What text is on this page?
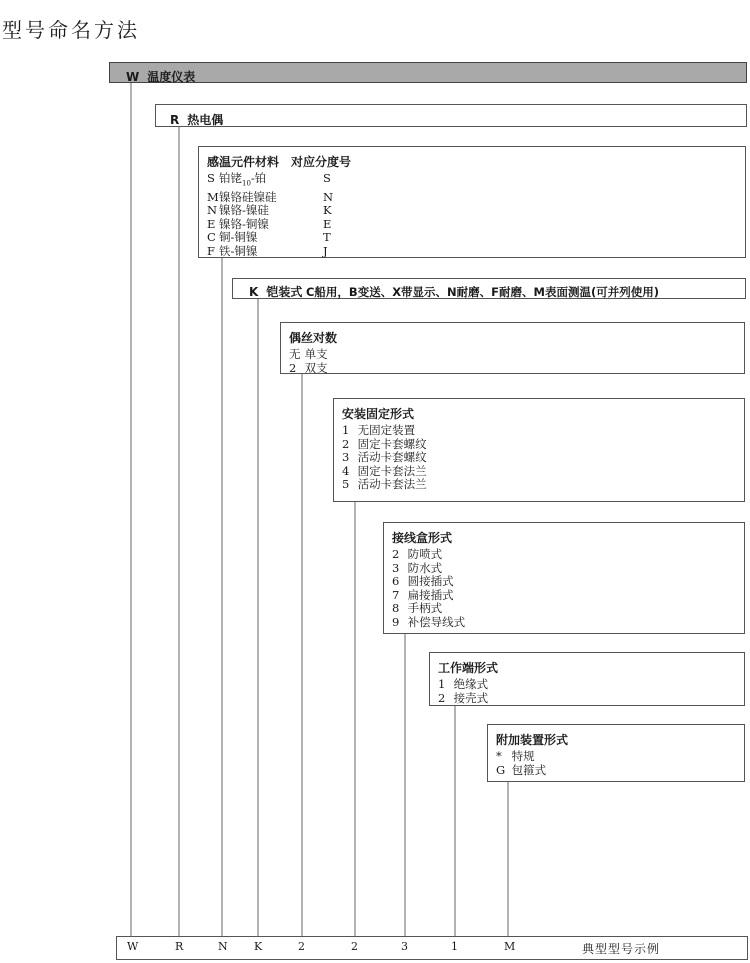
型号命名方法
W 温度仪表
R 热电偶
感温元件材料　对应分度号
S 铂铑$_{10}$-铂	S
M镍铬硅镍硅	N
N 镍铬-镍硅	K
E 镍铬-铜镍	E
C 铜-铜镍	T
F 铁-铜镍	J
K 铠装式 C船用，B变送、X带显示、N耐磨、F耐磨、M表面测温(可并列使用)
偶丝对数
无 单支
2 双支
安装固定形式
1 无固定装置
2 固定卡套螺纹
3 活动卡套螺纹
4 固定卡套法兰
5 活动卡套法兰
接线盒形式
2 防喷式
3 防水式
6 圆接插式
7 扁接插式
8 手柄式
9 补偿导线式
工作端形式
1 绝缘式
2 接壳式
附加装置形式
* 特规
G 包箍式
典型型号示例
W	R	N K	2	2	3	1	M
